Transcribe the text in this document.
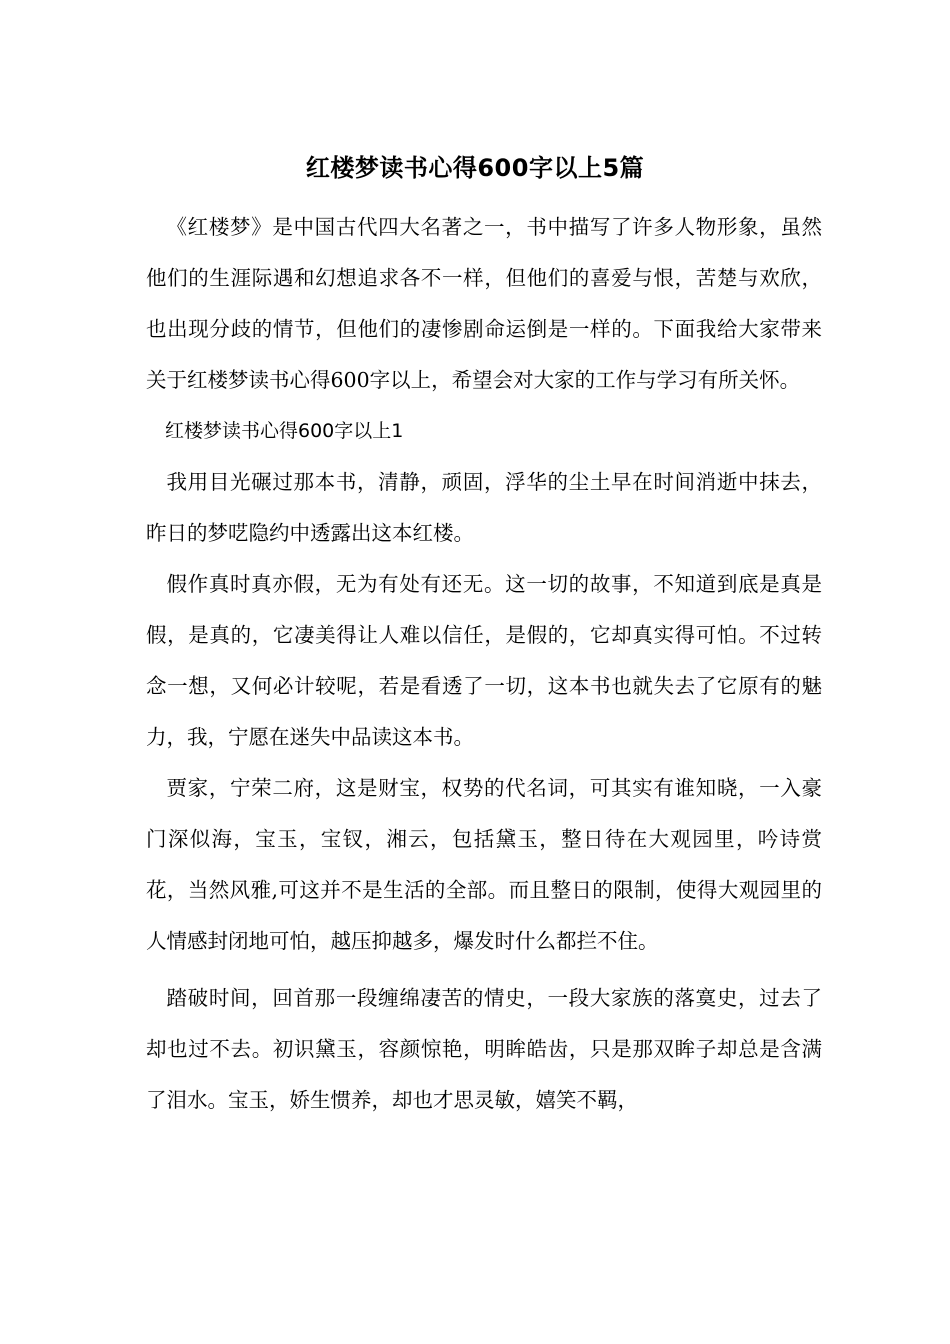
红楼梦读书心得600字以上5篇

《红楼梦》是中国古代四大名著之一，书中描写了许多人物形象，虽然他们的生涯际遇和幻想追求各不一样，但他们的喜爱与恨，苦楚与欢欣，也出现分歧的情节，但他们的凄惨剧命运倒是一样的。下面我给大家带来关于红楼梦读书心得600字以上，希望会对大家的工作与学习有所关怀。

红楼梦读书心得600字以上1

我用目光碾过那本书，清静，顽固，浮华的尘土早在时间消逝中抹去，昨日的梦呓隐约中透露出这本红楼。

假作真时真亦假，无为有处有还无。这一切的故事，不知道到底是真是假，是真的，它凄美得让人难以信任，是假的，它却真实得可怕。不过转念一想，又何必计较呢，若是看透了一切，这本书也就失去了它原有的魅力，我，宁愿在迷失中品读这本书。

贾家，宁荣二府，这是财宝，权势的代名词，可其实有谁知晓，一入豪门深似海，宝玉，宝钗，湘云，包括黛玉，整日待在大观园里，吟诗赏花，当然风雅,可这并不是生活的全部。而且整日的限制，使得大观园里的人情感封闭地可怕，越压抑越多，爆发时什么都拦不住。

踏破时间，回首那一段缠绵凄苦的情史，一段大家族的落寞史，过去了却也过不去。初识黛玉，容颜惊艳，明眸皓齿，只是那双眸子却总是含满了泪水。宝玉，娇生惯养，却也才思灵敏，嬉笑不羁，
